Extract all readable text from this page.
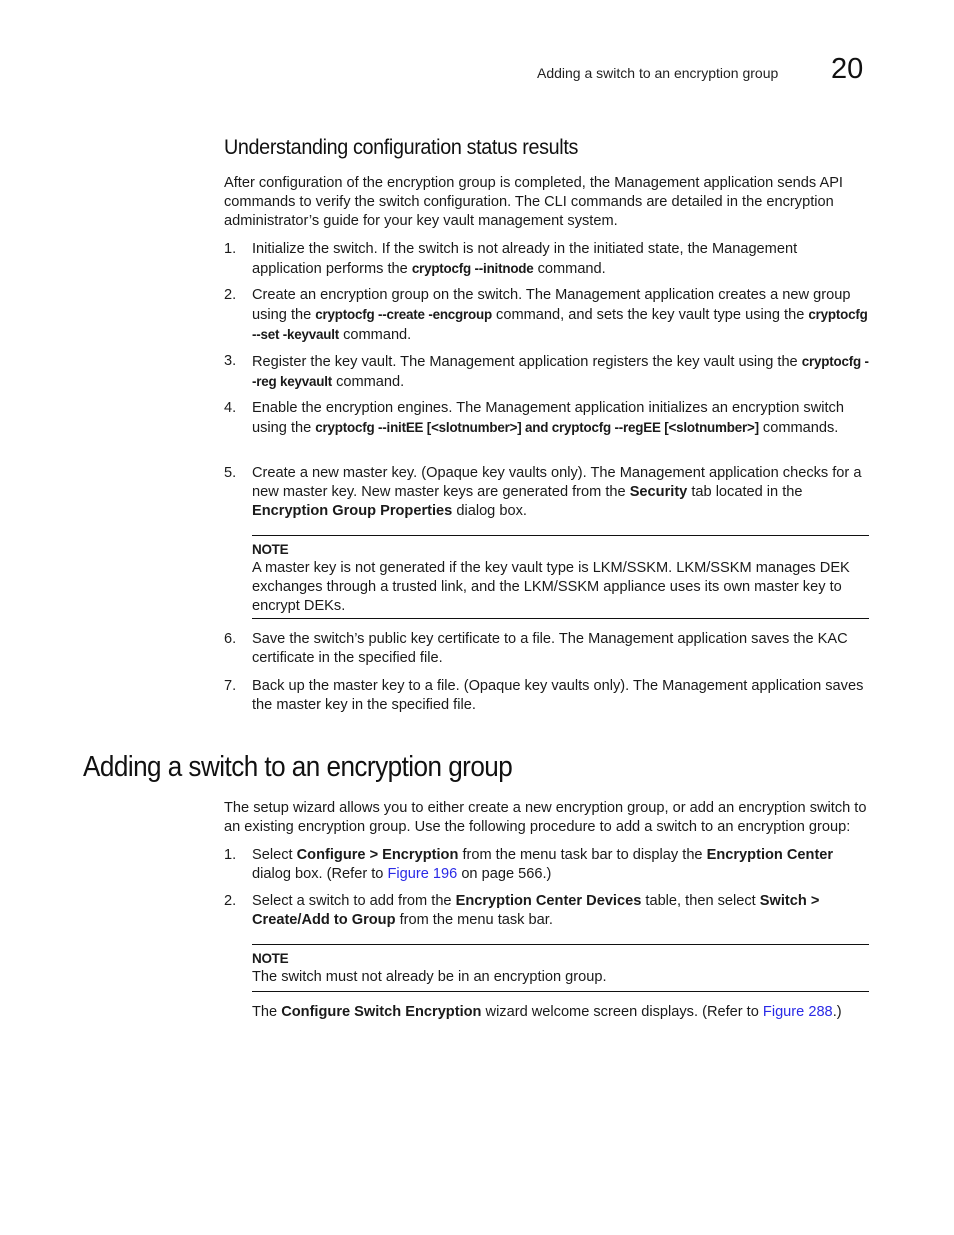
Adding a switch to an encryption group 20
Understanding configuration status results

After configuration of the encryption group is completed, the Management application sends API commands to verify the switch configuration. The CLI commands are detailed in the encryption administrator’s guide for your key vault management system.

1. Initialize the switch. If the switch is not already in the initiated state, the Management application performs the cryptocfg --initnode command.
2. Create an encryption group on the switch. The Management application creates a new group using the cryptocfg --create -encgroup command, and sets the key vault type using the cryptocfg --set -keyvault command.
3. Register the key vault. The Management application registers the key vault using the cryptocfg --reg keyvault command.
4. Enable the encryption engines. The Management application initializes an encryption switch using the cryptocfg --initEE [<slotnumber>] and cryptocfg --regEE [<slotnumber>] commands.
5. Create a new master key. (Opaque key vaults only). The Management application checks for a new master key. New master keys are generated from the Security tab located in the Encryption Group Properties dialog box.
NOTE
A master key is not generated if the key vault type is LKM/SSKM. LKM/SSKM manages DEK exchanges through a trusted link, and the LKM/SSKM appliance uses its own master key to encrypt DEKs.
6. Save the switch’s public key certificate to a file. The Management application saves the KAC certificate in the specified file.
7. Back up the master key to a file. (Opaque key vaults only). The Management application saves the master key in the specified file.
Adding a switch to an encryption group

The setup wizard allows you to either create a new encryption group, or add an encryption switch to an existing encryption group. Use the following procedure to add a switch to an encryption group:

1. Select Configure > Encryption from the menu task bar to display the Encryption Center dialog box. (Refer to Figure 196 on page 566.)
2. Select a switch to add from the Encryption Center Devices table, then select Switch > Create/Add to Group from the menu task bar.
NOTE
The switch must not already be in an encryption group.
The Configure Switch Encryption wizard welcome screen displays. (Refer to Figure 288.)
